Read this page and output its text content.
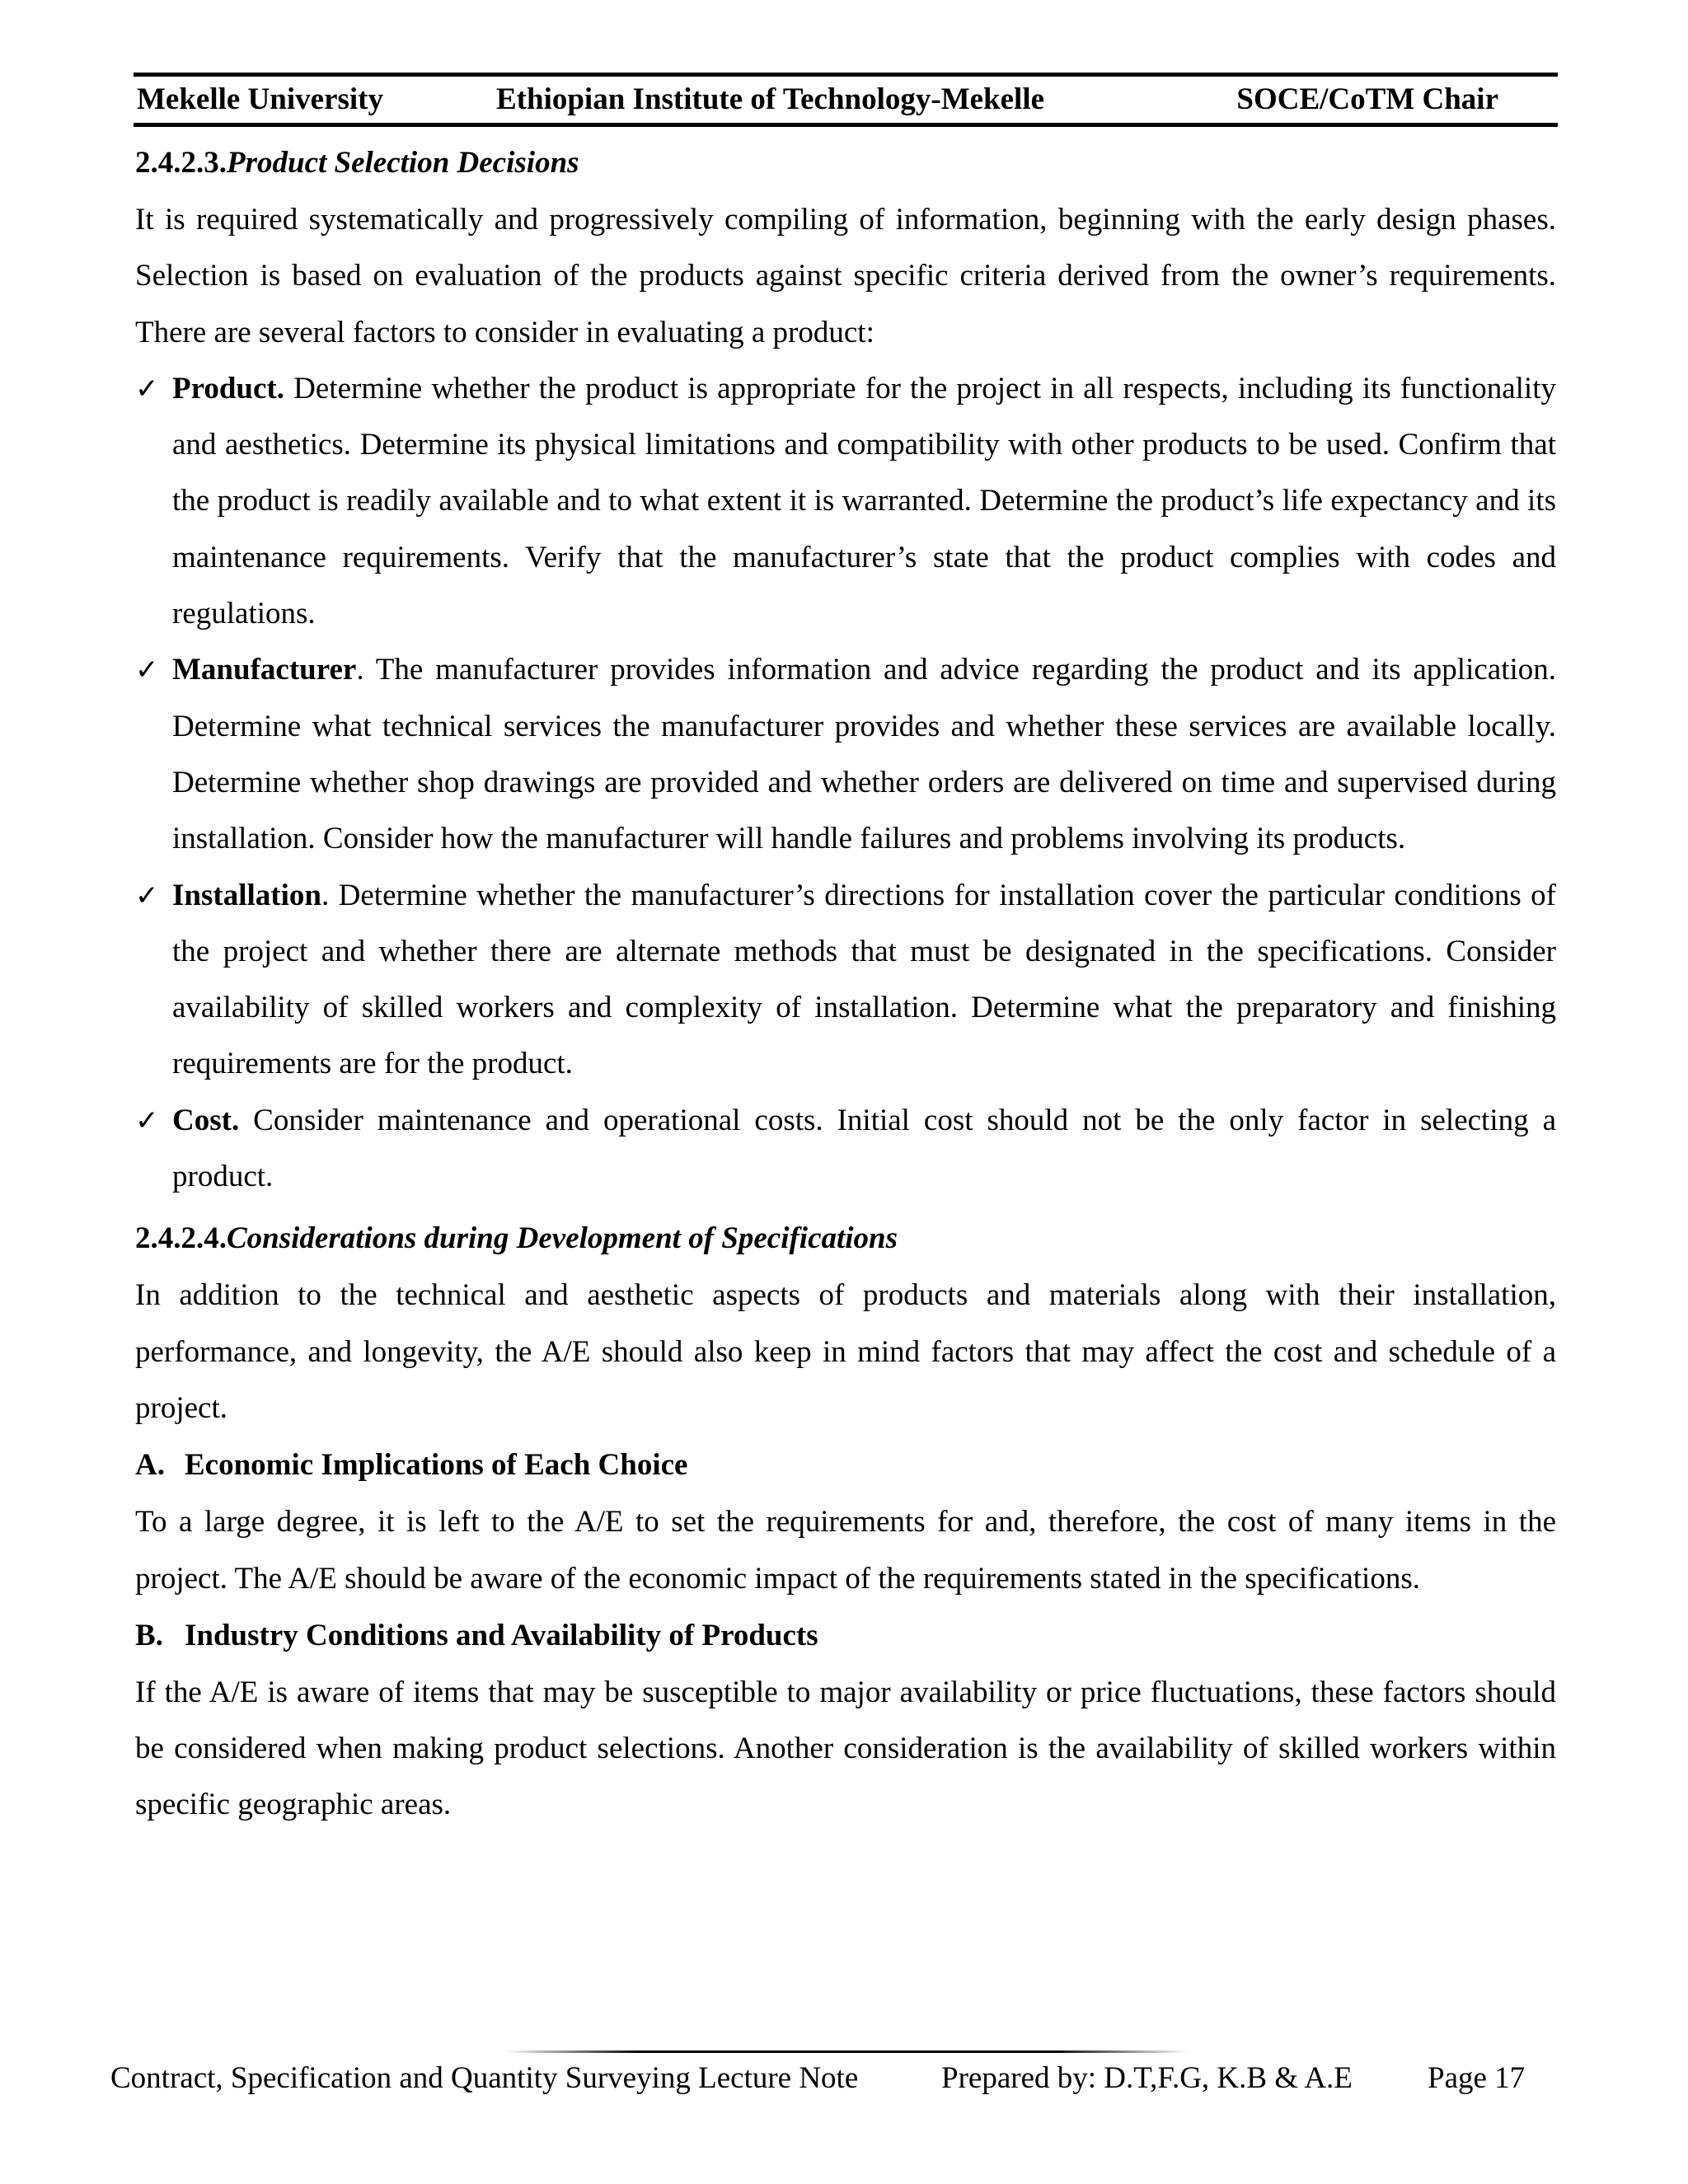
Mekelle University	Ethiopian Institute of Technology-Mekelle	SOCE/CoTM Chair
2.4.2.3.Product Selection Decisions

It is required systematically and progressively compiling of information, beginning with the early design phases. Selection is based on evaluation of the products against specific criteria derived from the owner’s requirements. There are several factors to consider in evaluating a product:

✓ Product. Determine whether the product is appropriate for the project in all respects, including its functionality and aesthetics. Determine its physical limitations and compatibility with other products to be used. Confirm that the product is readily available and to what extent it is warranted. Determine the product’s life expectancy and its maintenance requirements. Verify that the manufacturer’s state that the product complies with codes and regulations.
✓ Manufacturer. The manufacturer provides information and advice regarding the product and its application. Determine what technical services the manufacturer provides and whether these services are available locally. Determine whether shop drawings are provided and whether orders are delivered on time and supervised during installation. Consider how the manufacturer will handle failures and problems involving its products.
✓ Installation. Determine whether the manufacturer’s directions for installation cover the particular conditions of the project and whether there are alternate methods that must be designated in the specifications. Consider availability of skilled workers and complexity of installation. Determine what the preparatory and finishing requirements are for the product.
✓ Cost. Consider maintenance and operational costs. Initial cost should not be the only factor in selecting a product.
2.4.2.4.Considerations during Development of Specifications

In addition to the technical and aesthetic aspects of products and materials along with their installation, performance, and longevity, the A/E should also keep in mind factors that may affect the cost and schedule of a project.

A. Economic Implications of Each Choice

To a large degree, it is left to the A/E to set the requirements for and, therefore, the cost of many items in the project. The A/E should be aware of the economic impact of the requirements stated in the specifications.

B. Industry Conditions and Availability of Products

If the A/E is aware of items that may be susceptible to major availability or price fluctuations, these factors should be considered when making product selections. Another consideration is the availability of skilled workers within specific geographic areas.

Contract, Specification and Quantity Surveying Lecture Note	Prepared by: D.T,F.G, K.B & A.E Page 17
